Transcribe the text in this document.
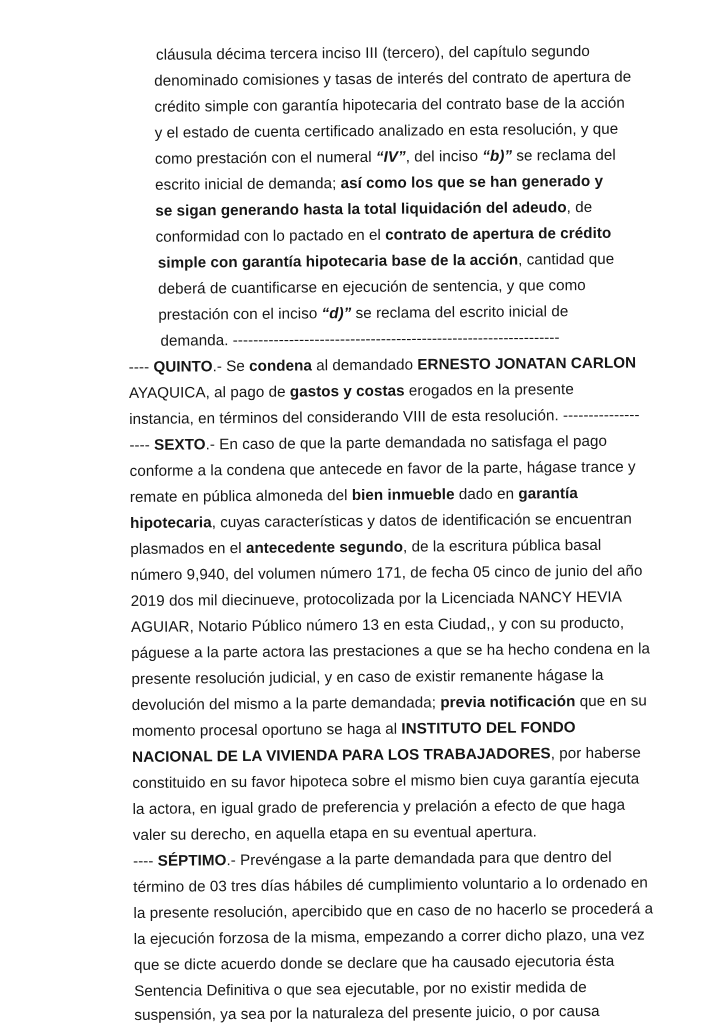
cláusula décima tercera inciso III (tercero), del capítulo segundo
denominado comisiones y tasas de interés del contrato de apertura de
crédito simple con garantía hipotecaria del contrato base de la acción
y el estado de cuenta certificado analizado en esta resolución, y que
como prestación con el numeral “IV”, del inciso “b)” se reclama del
escrito inicial de demanda; así como los que se han generado y
se sigan generando hasta la total liquidación del adeudo, de
conformidad con lo pactado en el contrato de apertura de crédito
simple con garantía hipotecaria base de la acción, cantidad que
deberá de cuantificarse en ejecución de sentencia, y que como
prestación con el inciso “d)” se reclama del escrito inicial de
demanda. ----------------------------------------------------------------
---- QUINTO.- Se condena al demandado ERNESTO JONATAN CARLON
AYAQUICA, al pago de gastos y costas erogados en la presente
instancia, en términos del considerando VIII de esta resolución. ---------------
---- SEXTO.- En caso de que la parte demandada no satisfaga el pago
conforme a la condena que antecede en favor de la parte, hágase trance y
remate en pública almoneda del bien inmueble dado en garantía
hipotecaria, cuyas características y datos de identificación se encuentran
plasmados en el antecedente segundo, de la escritura pública basal
número 9,940, del volumen número 171, de fecha 05 cinco de junio del año
2019 dos mil diecinueve, protocolizada por la Licenciada NANCY HEVIA
AGUIAR, Notario Público número 13 en esta Ciudad,, y con su producto,
páguese a la parte actora las prestaciones a que se ha hecho condena en la
presente resolución judicial, y en caso de existir remanente hágase la
devolución del mismo a la parte demandada; previa notificación que en su
momento procesal oportuno se haga al INSTITUTO DEL FONDO
NACIONAL DE LA VIVIENDA PARA LOS TRABAJADORES, por haberse
constituido en su favor hipoteca sobre el mismo bien cuya garantía ejecuta
la actora, en igual grado de preferencia y prelación a efecto de que haga
valer su derecho, en aquella etapa en su eventual apertura.
---- SÉPTIMO.- Prevéngase a la parte demandada para que dentro del
término de 03 tres días hábiles dé cumplimiento voluntario a lo ordenado en
la presente resolución, apercibido que en caso de no hacerlo se procederá a
la ejecución forzosa de la misma, empezando a correr dicho plazo, una vez
que se dicte acuerdo donde se declare que ha causado ejecutoria ésta
Sentencia Definitiva o que sea ejecutable, por no existir medida de
suspensión, ya sea por la naturaleza del presente juicio, o por causa
